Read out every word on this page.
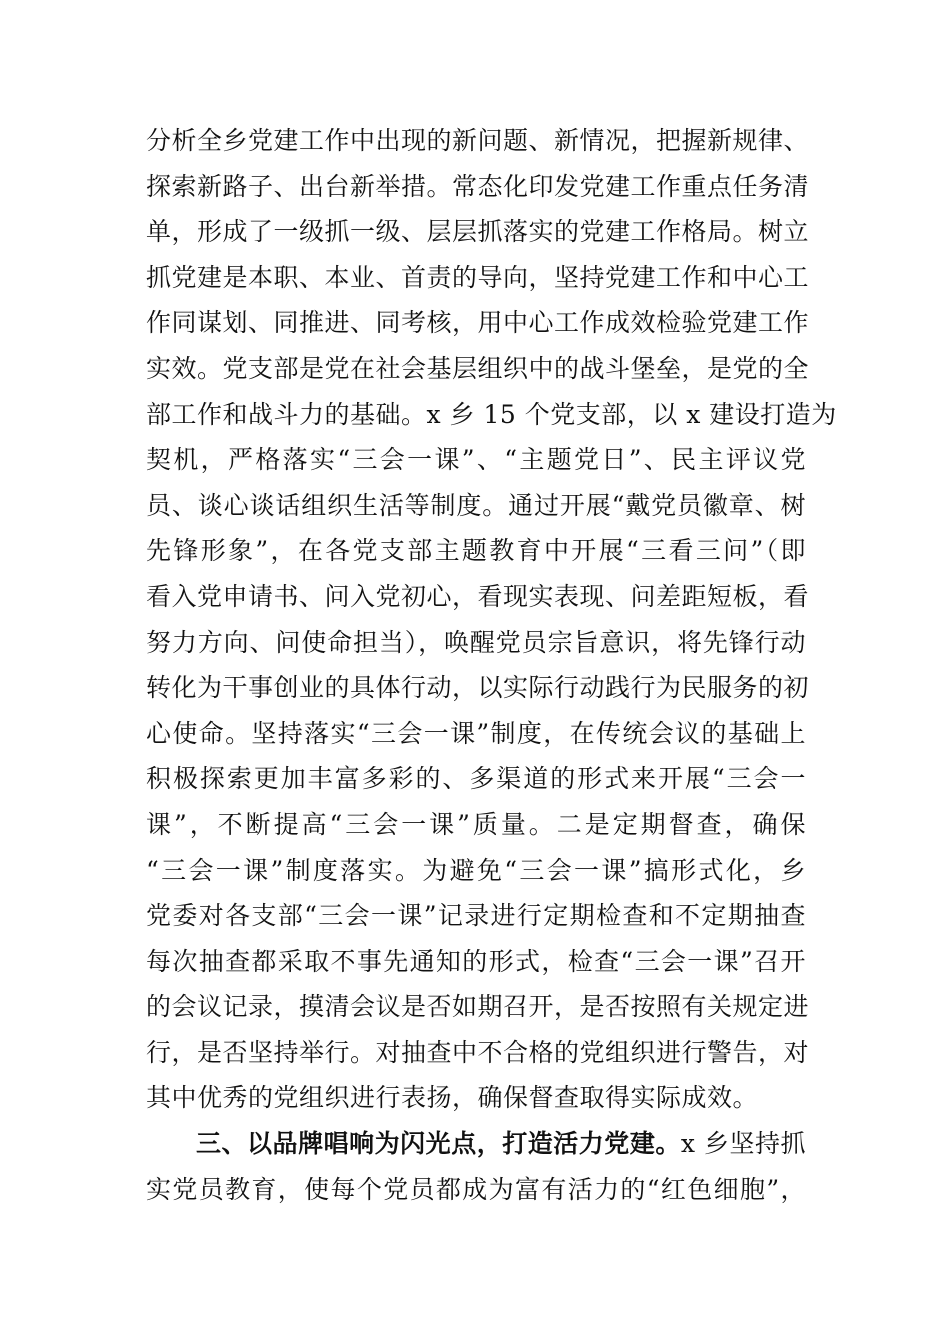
分析全乡党建工作中出现的新问题、新情况，把握新规律、
探索新路子、出台新举措。常态化印发党建工作重点任务清
单，形成了一级抓一级、层层抓落实的党建工作格局。树立
抓党建是本职、本业、首责的导向，坚持党建工作和中心工
作同谋划、同推进、同考核，用中心工作成效检验党建工作
实效。党支部是党在社会基层组织中的战斗堡垒，是党的全
部工作和战斗力的基础。x 乡 15 个党支部，以 x 建设打造为
契机，严格落实“三会一课”、“主题党日”、民主评议党
员、谈心谈话组织生活等制度。通过开展“戴党员徽章、树
先锋形象”，在各党支部主题教育中开展“三看三问”（即
看入党申请书、问入党初心，看现实表现、问差距短板，看
努力方向、问使命担当），唤醒党员宗旨意识，将先锋行动
转化为干事创业的具体行动，以实际行动践行为民服务的初
心使命。坚持落实“三会一课”制度，在传统会议的基础上
积极探索更加丰富多彩的、多渠道的形式来开展“三会一
课”，不断提高“三会一课”质量。二是定期督查，确保
“三会一课”制度落实。为避免“三会一课”搞形式化，乡
党委对各支部“三会一课”记录进行定期检查和不定期抽查
每次抽查都采取不事先通知的形式，检查“三会一课”召开
的会议记录，摸清会议是否如期召开，是否按照有关规定进
行，是否坚持举行。对抽查中不合格的党组织进行警告，对
其中优秀的党组织进行表扬，确保督查取得实际成效。
三、以品牌唱响为闪光点，打造活力党建。x 乡坚持抓
实党员教育，使每个党员都成为富有活力的“红色细胞”，
